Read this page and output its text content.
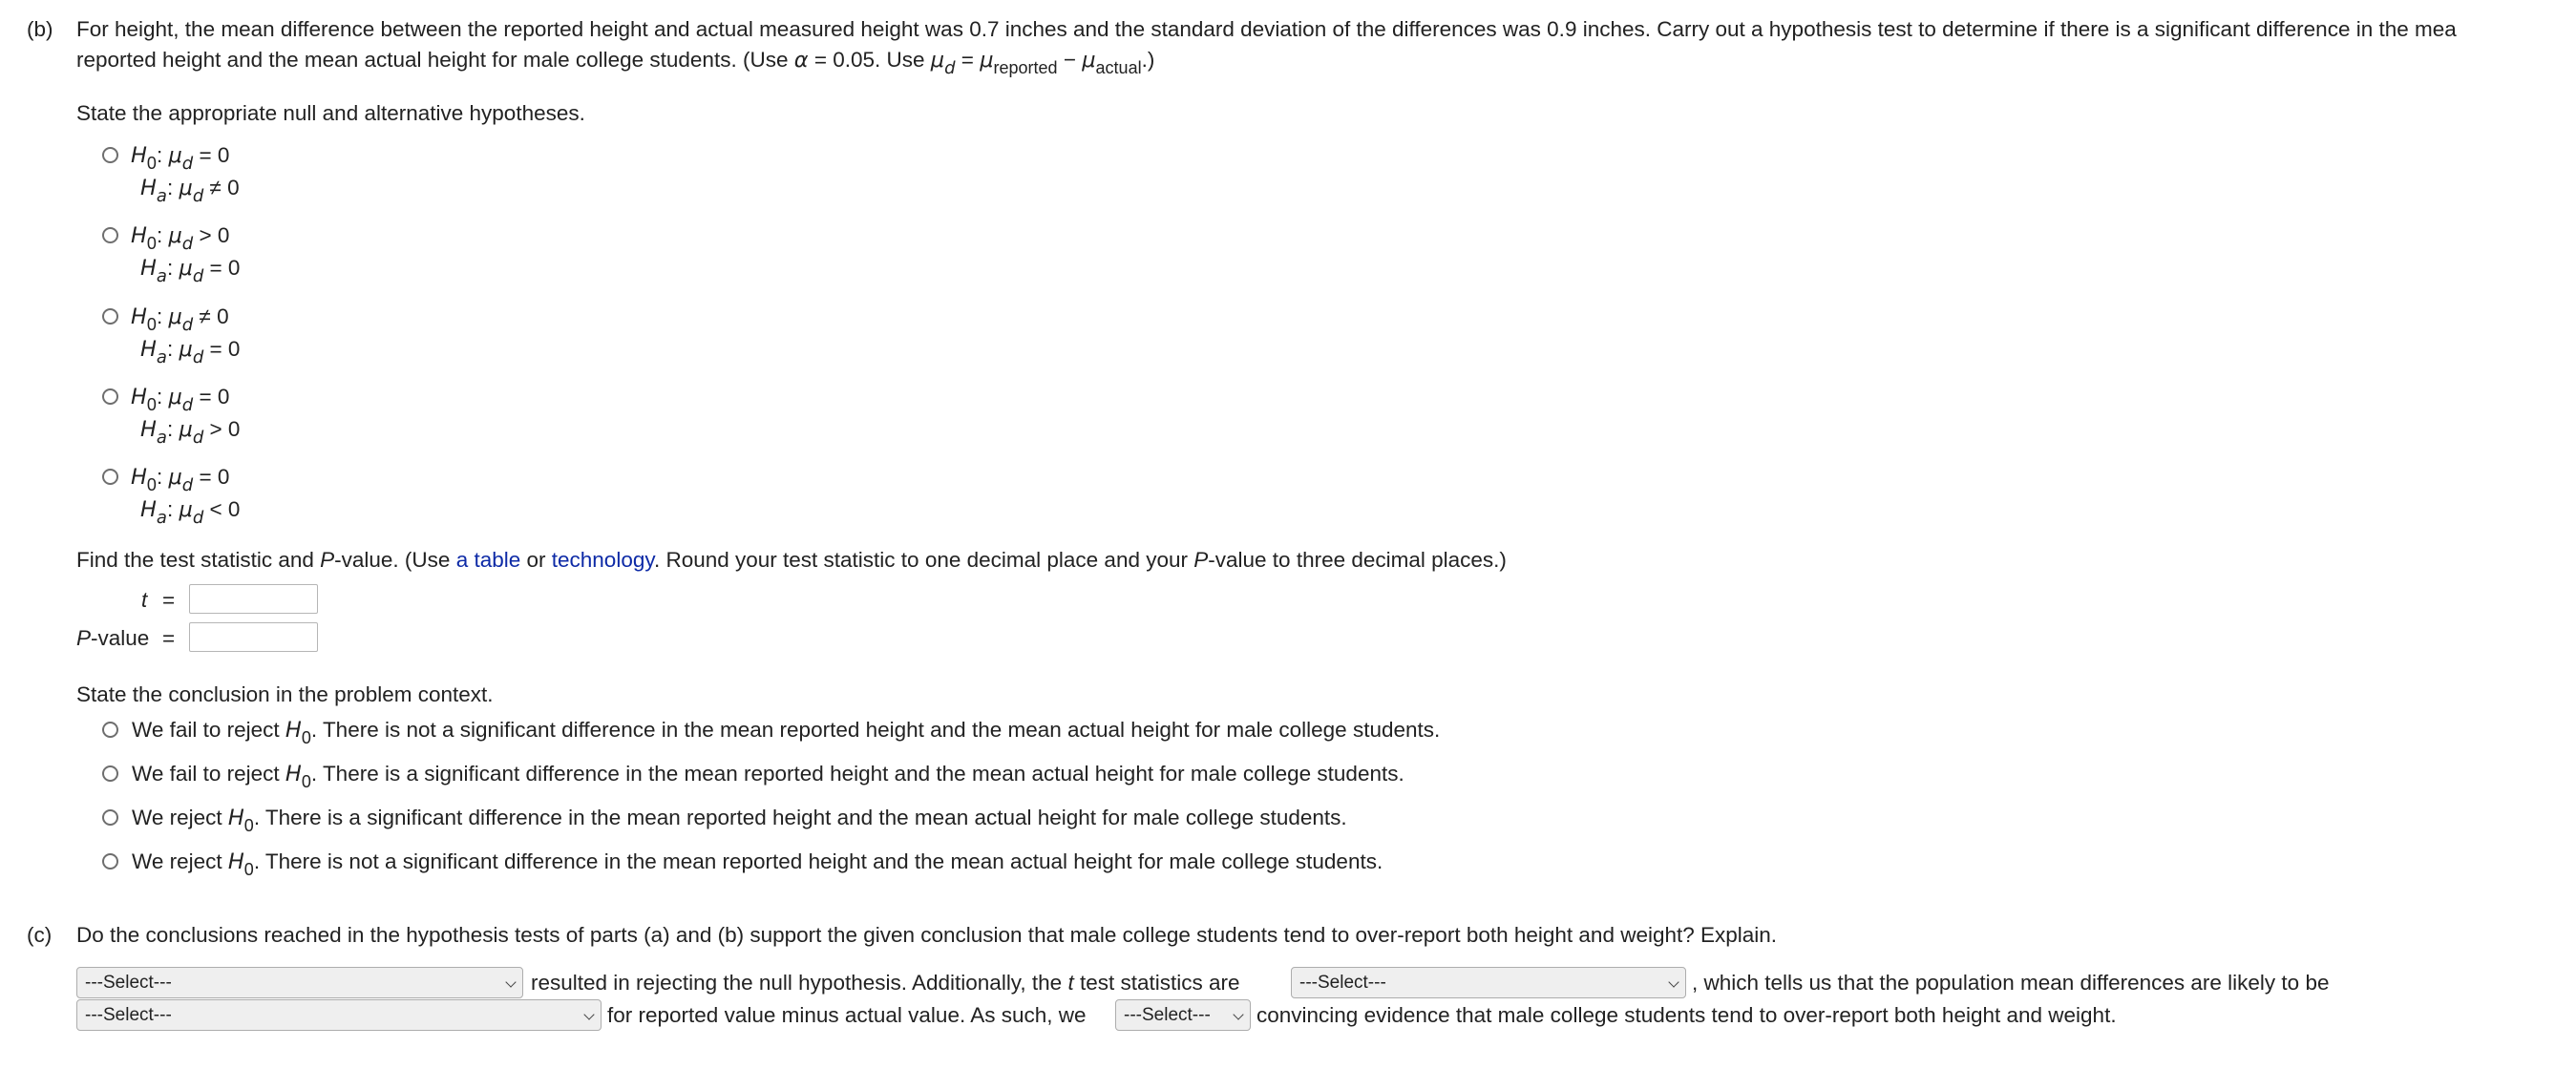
(b) For height, the mean difference between the reported height and actual measured height was 0.7 inches and the standard deviation of the differences was 0.9 inches. Carry out a hypothesis test to determine if there is a significant difference in the mea
reported height and the mean actual height for male college students. (Use α = 0.05. Use $\mu_d = \mu_{reported} - \mu_{actual}$.)
State the appropriate null and alternative hypotheses.
$H_0$: $\mu_d = 0$
$H_a$: $\mu_d \ne 0$
$H_0$: $\mu_d > 0$
$H_a$: $\mu_d = 0$
$H_0$: $\mu_d \ne 0$
$H_a$: $\mu_d = 0$
$H_0$: $\mu_d = 0$
$H_a$: $\mu_d > 0$
$H_0$: $\mu_d = 0$
$H_a$: $\mu_d < 0$
Find the test statistic and P-value. (Use a table or technology. Round your test statistic to one decimal place and your P-value to three decimal places.)
t =
P-value =
State the conclusion in the problem context.
We fail to reject $H_0$. There is not a significant difference in the mean reported height and the mean actual height for male college students.
We fail to reject $H_0$. There is a significant difference in the mean reported height and the mean actual height for male college students.
We reject $H_0$. There is a significant difference in the mean reported height and the mean actual height for male college students.
We reject $H_0$. There is not a significant difference in the mean reported height and the mean actual height for male college students.
(c) Do the conclusions reached in the hypothesis tests of parts (a) and (b) support the given conclusion that male college students tend to over-report both height and weight? Explain.
---Select---	resulted in rejecting the null hypothesis. Additionally, the t test statistics are	---Select---	, which tells us that the population mean differences are likely to be
---Select---	for reported value minus actual value. As such, we	---Select---	convincing evidence that male college students tend to over-report both height and weight.
